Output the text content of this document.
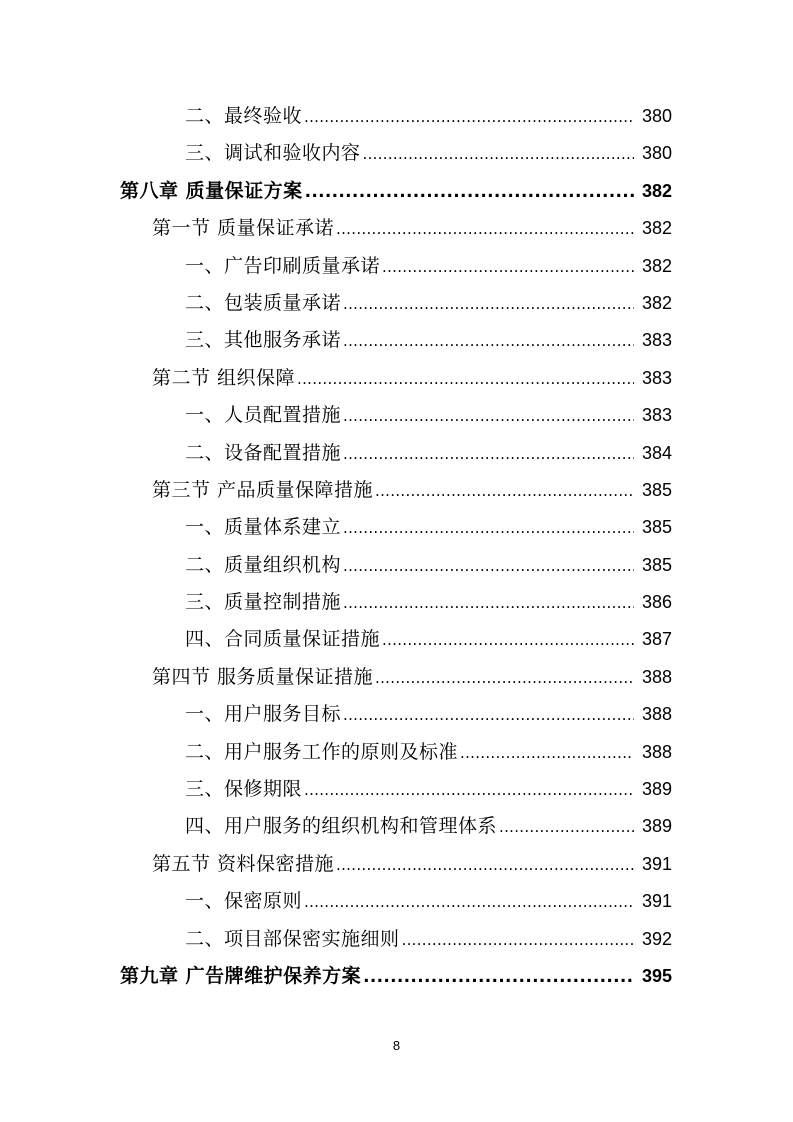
二、最终验收 .....	380
三、调试和验收内容 .....	380
第八章 质量保证方案 .....	382
第一节 质量保证承诺 .....	382
一、广告印刷质量承诺 .....	382
二、包装质量承诺 .....	382
三、其他服务承诺 .....	383
第二节 组织保障 .....	383
一、人员配置措施 .....	383
二、设备配置措施 .....	384
第三节 产品质量保障措施 .....	385
一、质量体系建立 .....	385
二、质量组织机构 .....	385
三、质量控制措施 .....	386
四、合同质量保证措施 .....	387
第四节 服务质量保证措施 .....	388
一、用户服务目标 .....	388
二、用户服务工作的原则及标准 .....	388
三、保修期限 .....	389
四、用户服务的组织机构和管理体系 .....	389
第五节 资料保密措施 .....	391
一、保密原则 .....	391
二、项目部保密实施细则 .....	392
第九章 广告牌维护保养方案 .....	395
8
